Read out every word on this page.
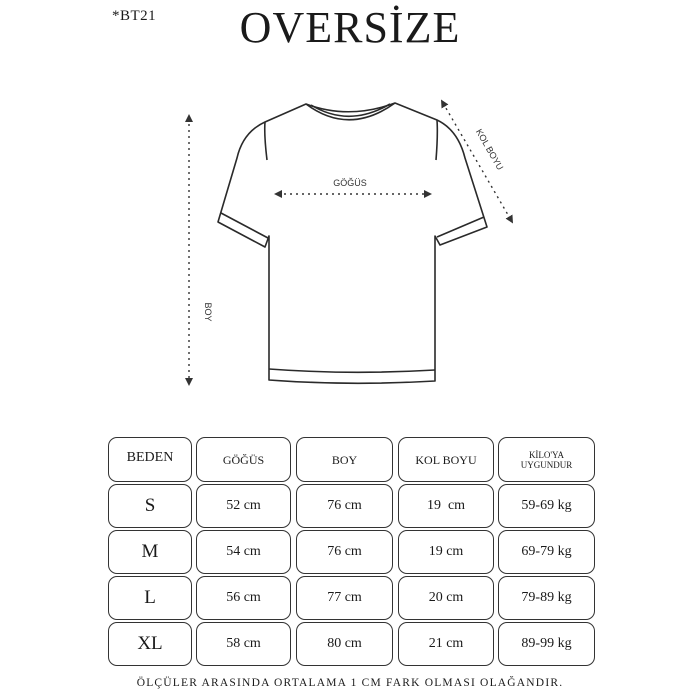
*BT21	OVERSİZE
GÖĞÜS
BOY
KOL BOYU
BEDEN	GÖĞÜS	BOY	KOL BOYU	KİLO'YA
UYGUNDUR
S	52 cm	76 cm	19  cm	59-69 kg
M	54 cm	76 cm	19 cm	69-79 kg
L	56 cm	77 cm	20 cm	79-89 kg
XL	58 cm	80 cm	21 cm	89-99 kg
ÖLÇÜLER ARASINDA ORTALAMA 1 CM FARK OLMASI OLAĞANDIR.
